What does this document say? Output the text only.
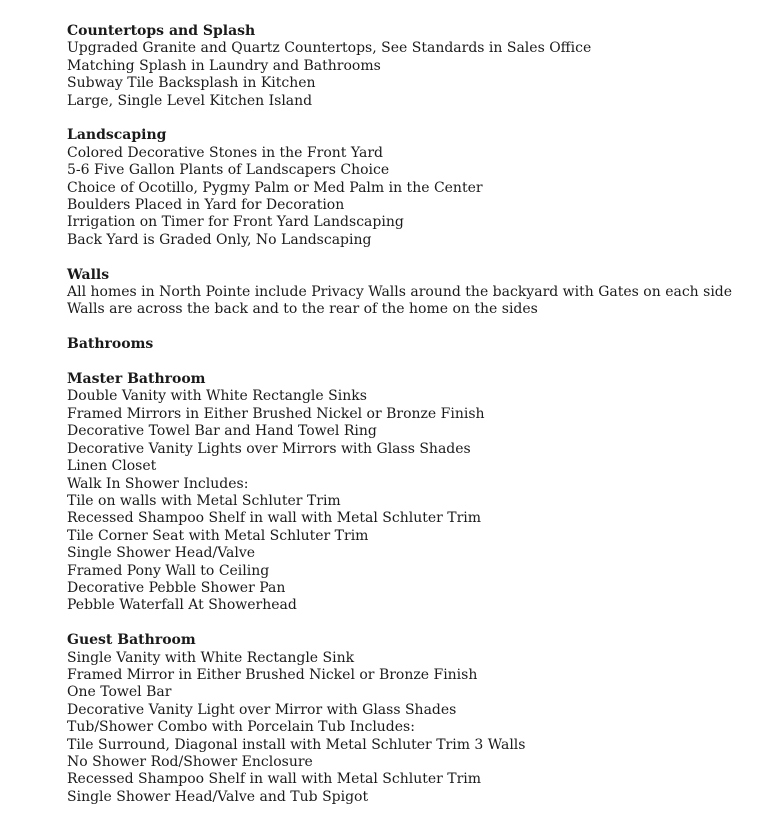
Countertops and Splash

Upgraded Granite and Quartz Countertops, See Standards in Sales Office

Matching Splash in Laundry and Bathrooms

Subway Tile Backsplash in Kitchen

Large, Single Level Kitchen Island

Landscaping

Colored Decorative Stones in the Front Yard

5-6 Five Gallon Plants of Landscapers Choice

Choice of Ocotillo, Pygmy Palm or Med Palm in the Center

Boulders Placed in Yard for Decoration

Irrigation on Timer for Front Yard Landscaping

Back Yard is Graded Only, No Landscaping

Walls

All homes in North Pointe include Privacy Walls around the backyard with Gates on each side

Walls are across the back and to the rear of the home on the sides

Bathrooms

Master Bathroom

Double Vanity with White Rectangle Sinks

Framed Mirrors in Either Brushed Nickel or Bronze Finish

Decorative Towel Bar and Hand Towel Ring

Decorative Vanity Lights over Mirrors with Glass Shades

Linen Closet

Walk In Shower Includes:

Tile on walls with Metal Schluter Trim

Recessed Shampoo Shelf in wall with Metal Schluter Trim

Tile Corner Seat with Metal Schluter Trim

Single Shower Head/Valve

Framed Pony Wall to Ceiling

Decorative Pebble Shower Pan

Pebble Waterfall At Showerhead

Guest Bathroom

Single Vanity with White Rectangle Sink

Framed Mirror in Either Brushed Nickel or Bronze Finish

One Towel Bar

Decorative Vanity Light over Mirror with Glass Shades

Tub/Shower Combo with Porcelain Tub Includes:

Tile Surround, Diagonal install with Metal Schluter Trim 3 Walls

No Shower Rod/Shower Enclosure

Recessed Shampoo Shelf in wall with Metal Schluter Trim

Single Shower Head/Valve and Tub Spigot
